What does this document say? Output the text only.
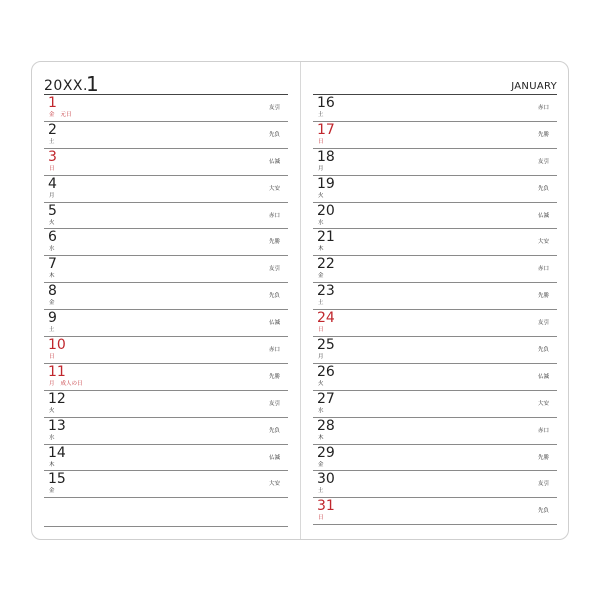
20XX.
1
1
金 元日
友引
2
土
先負
3
日
仏滅
4
月
大安
5
火
赤口
6
水
先勝
7
木
友引
8
金
先負
9
土
仏滅
10
日
赤口
11
月 成人の日
先勝
12
火
友引
13
水
先負
14
木
仏滅
15
金
大安
JANUARY
16
土
赤口
17
日
先勝
18
月
友引
19
火
先負
20
水
仏滅
21
木
大安
22
金
赤口
23
土
先勝
24
日
友引
25
月
先負
26
火
仏滅
27
水
大安
28
木
赤口
29
金
先勝
30
土
友引
31
日
先負
